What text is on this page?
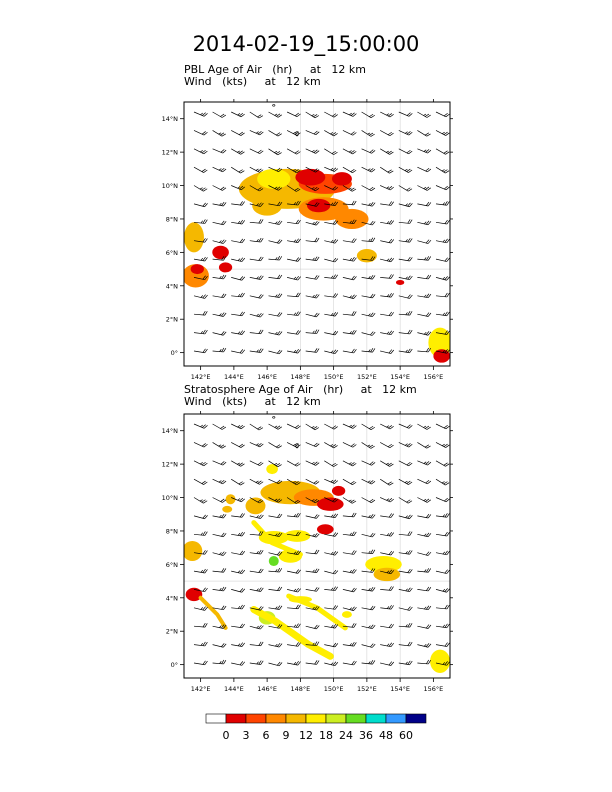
2014-02-19_15:00:00
PBL Age of Air   (hr)     at   12 km
Wind   (kts)     at   12 km
Stratosphere Age of Air   (hr)     at   12 km
Wind   (kts)     at   12 km
142°E 144°E 146°E 148°E 150°E 152°E 154°E 156°E
0°
2°N
4°N
6°N
8°N
10°N
12°N
14°N
142°E 144°E 146°E 148°E 150°E 152°E 154°E 156°E
0°
2°N
4°N
6°N
8°N
10°N
12°N
14°N
0 3 6 9 12 18 24 36 48 60
